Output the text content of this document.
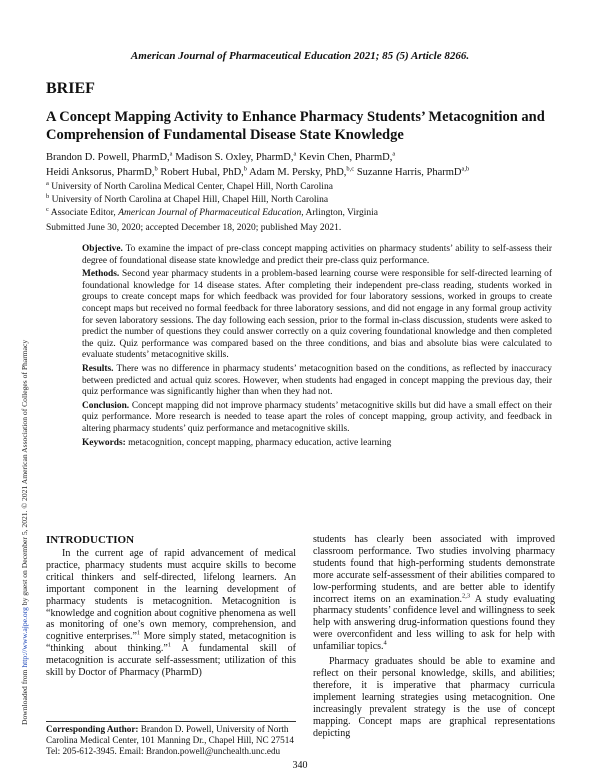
American Journal of Pharmaceutical Education 2021; 85 (5) Article 8266.
BRIEF
A Concept Mapping Activity to Enhance Pharmacy Students’ Metacognition and Comprehension of Fundamental Disease State Knowledge
Brandon D. Powell, PharmD,$^a$ Madison S. Oxley, PharmD,$^a$ Kevin Chen, PharmD,$^a$
Heidi Anksorus, PharmD,$^b$ Robert Hubal, PhD,$^b$ Adam M. Persky, PhD,$^{b,c}$ Suzanne Harris, PharmD$^{a,b}$
$^a$ University of North Carolina Medical Center, Chapel Hill, North Carolina
$^b$ University of North Carolina at Chapel Hill, Chapel Hill, North Carolina
$^c$ Associate Editor, American Journal of Pharmaceutical Education, Arlington, Virginia
Submitted June 30, 2020; accepted December 18, 2020; published May 2021.

Objective. To examine the impact of pre-class concept mapping activities on pharmacy students’ ability to self-assess their degree of foundational disease state knowledge and predict their pre-class quiz performance.

Methods. Second year pharmacy students in a problem-based learning course were responsible for self-directed learning of foundational knowledge for 14 disease states. After completing their independent pre-class reading, students worked in groups to create concept maps for which feedback was provided for four laboratory sessions, worked in groups to create concept maps but received no formal feedback for three laboratory sessions, and did not engage in any formal group activity for seven laboratory sessions. The day following each session, prior to the formal in-class discussion, students were asked to predict the number of questions they could answer correctly on a quiz covering foundational knowledge and then completed the quiz. Quiz performance was compared based on the three conditions, and bias and absolute bias were calculated to evaluate students’ metacognitive skills.

Results. There was no difference in pharmacy students’ metacognition based on the conditions, as reflected by inaccuracy between predicted and actual quiz scores. However, when students had engaged in concept mapping the previous day, their quiz performance was significantly higher than when they had not.

Conclusion. Concept mapping did not improve pharmacy students’ metacognitive skills but did have a small effect on their quiz performance. More research is needed to tease apart the roles of concept mapping, group activity, and feedback in altering pharmacy students’ quiz performance and metacognitive skills.

Keywords: metacognition, concept mapping, pharmacy education, active learning

INTRODUCTION

In the current age of rapid advancement of medical practice, pharmacy students must acquire skills to become critical thinkers and self-directed, lifelong learners. An important component in the learning development of pharmacy students is metacognition. Metacognition is “knowledge and cognition about cognitive phenomena as well as monitoring of one’s own memory, comprehension, and cognitive enterprises.”$^1$ More simply stated, metacognition is “thinking about thinking.”$^1$ A fundamental skill of metacognition is accurate self-assessment; utilization of this skill by Doctor of Pharmacy (PharmD)

Corresponding Author: Brandon D. Powell, University of North Carolina Medical Center, 101 Manning Dr., Chapel Hill, NC 27514 Tel: 205-612-3945. Email: Brandon.powell@unchealth.unc.edu

students has clearly been associated with improved classroom performance. Two studies involving pharmacy students found that high-performing students demonstrate more accurate self-assessment of their abilities compared to low-performing students, and are better able to identify incorrect items on an examination.$^{2,3}$ A study evaluating pharmacy students’ confidence level and willingness to seek help with answering drug-information questions found they were overconfident and less willing to ask for help with unfamiliar topics.$^4$

Pharmacy graduates should be able to examine and reflect on their personal knowledge, skills, and abilities; therefore, it is imperative that pharmacy curricula implement learning strategies using metacognition. One increasingly prevalent strategy is the use of concept mapping. Concept maps are graphical representations depicting

340
Downloaded from http://www.ajpe.org by guest on December 5, 2021. © 2021 American Association of Colleges of Pharmacy
